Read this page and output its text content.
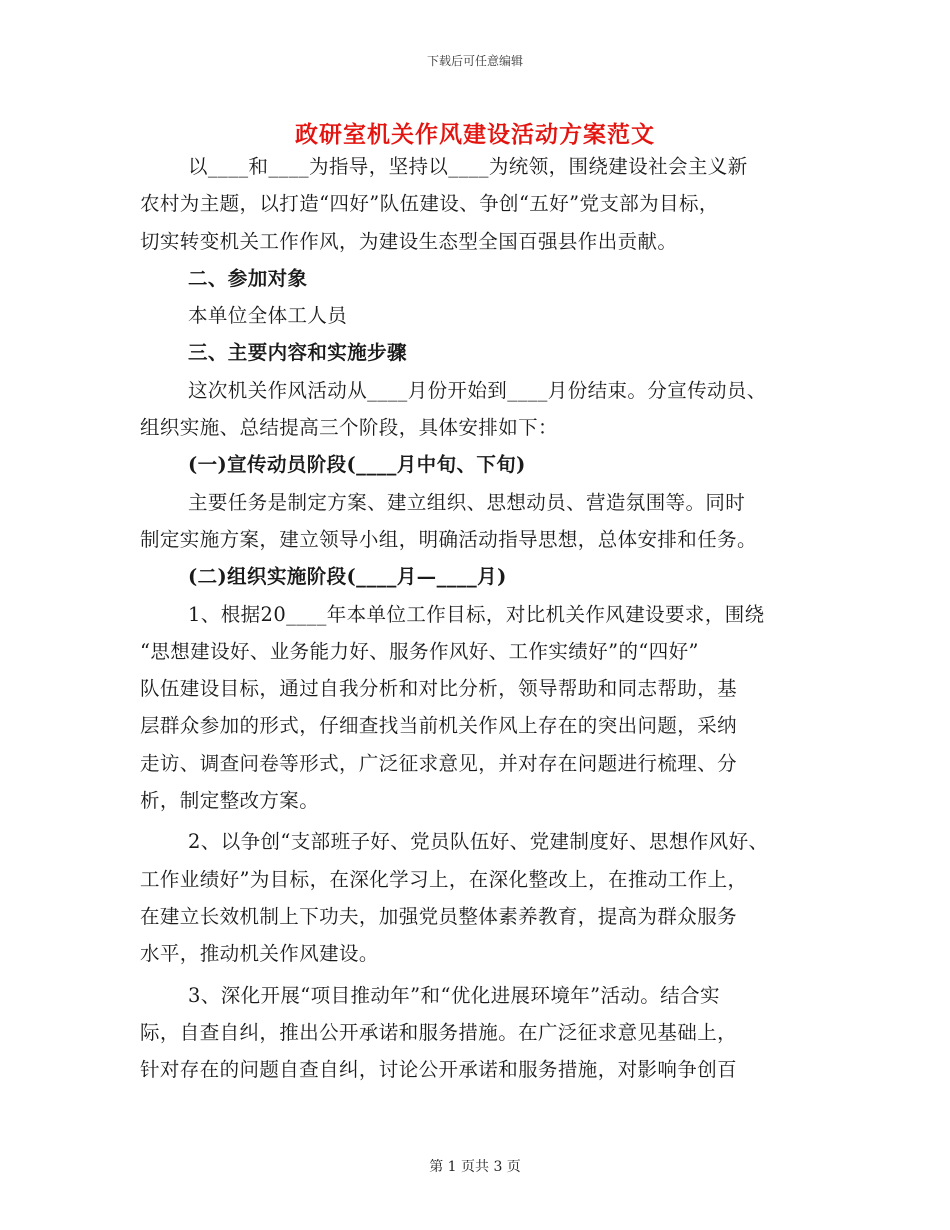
下载后可任意编辑
政研室机关作风建设活动方案范文
以____和____为指导，坚持以____为统领，围绕建设社会主义新
农村为主题，以打造“四好”队伍建设、争创“五好”党支部为目标，
切实转变机关工作作风，为建设生态型全国百强县作出贡献。
二、参加对象
本单位全体工人员
三、主要内容和实施步骤
这次机关作风活动从____月份开始到____月份结束。分宣传动员、
组织实施、总结提高三个阶段，具体安排如下：
(一)宣传动员阶段(____月中旬、下旬)
主要任务是制定方案、建立组织、思想动员、营造氛围等。同时
制定实施方案，建立领导小组，明确活动指导思想，总体安排和任务。
(二)组织实施阶段(____月—____月)
1、根据20____年本单位工作目标，对比机关作风建设要求，围绕
“思想建设好、业务能力好、服务作风好、工作实绩好”的“四好”
队伍建设目标，通过自我分析和对比分析，领导帮助和同志帮助，基
层群众参加的形式，仔细查找当前机关作风上存在的突出问题，采纳
走访、调查问卷等形式，广泛征求意见，并对存在问题进行梳理、分
析，制定整改方案。
2、以争创“支部班子好、党员队伍好、党建制度好、思想作风好、
工作业绩好”为目标，在深化学习上，在深化整改上，在推动工作上，
在建立长效机制上下功夫，加强党员整体素养教育，提高为群众服务
水平，推动机关作风建设。
3、深化开展“项目推动年”和“优化进展环境年”活动。结合实
际，自查自纠，推出公开承诺和服务措施。在广泛征求意见基础上，
针对存在的问题自查自纠，讨论公开承诺和服务措施，对影响争创百
第 1 页共 3 页
